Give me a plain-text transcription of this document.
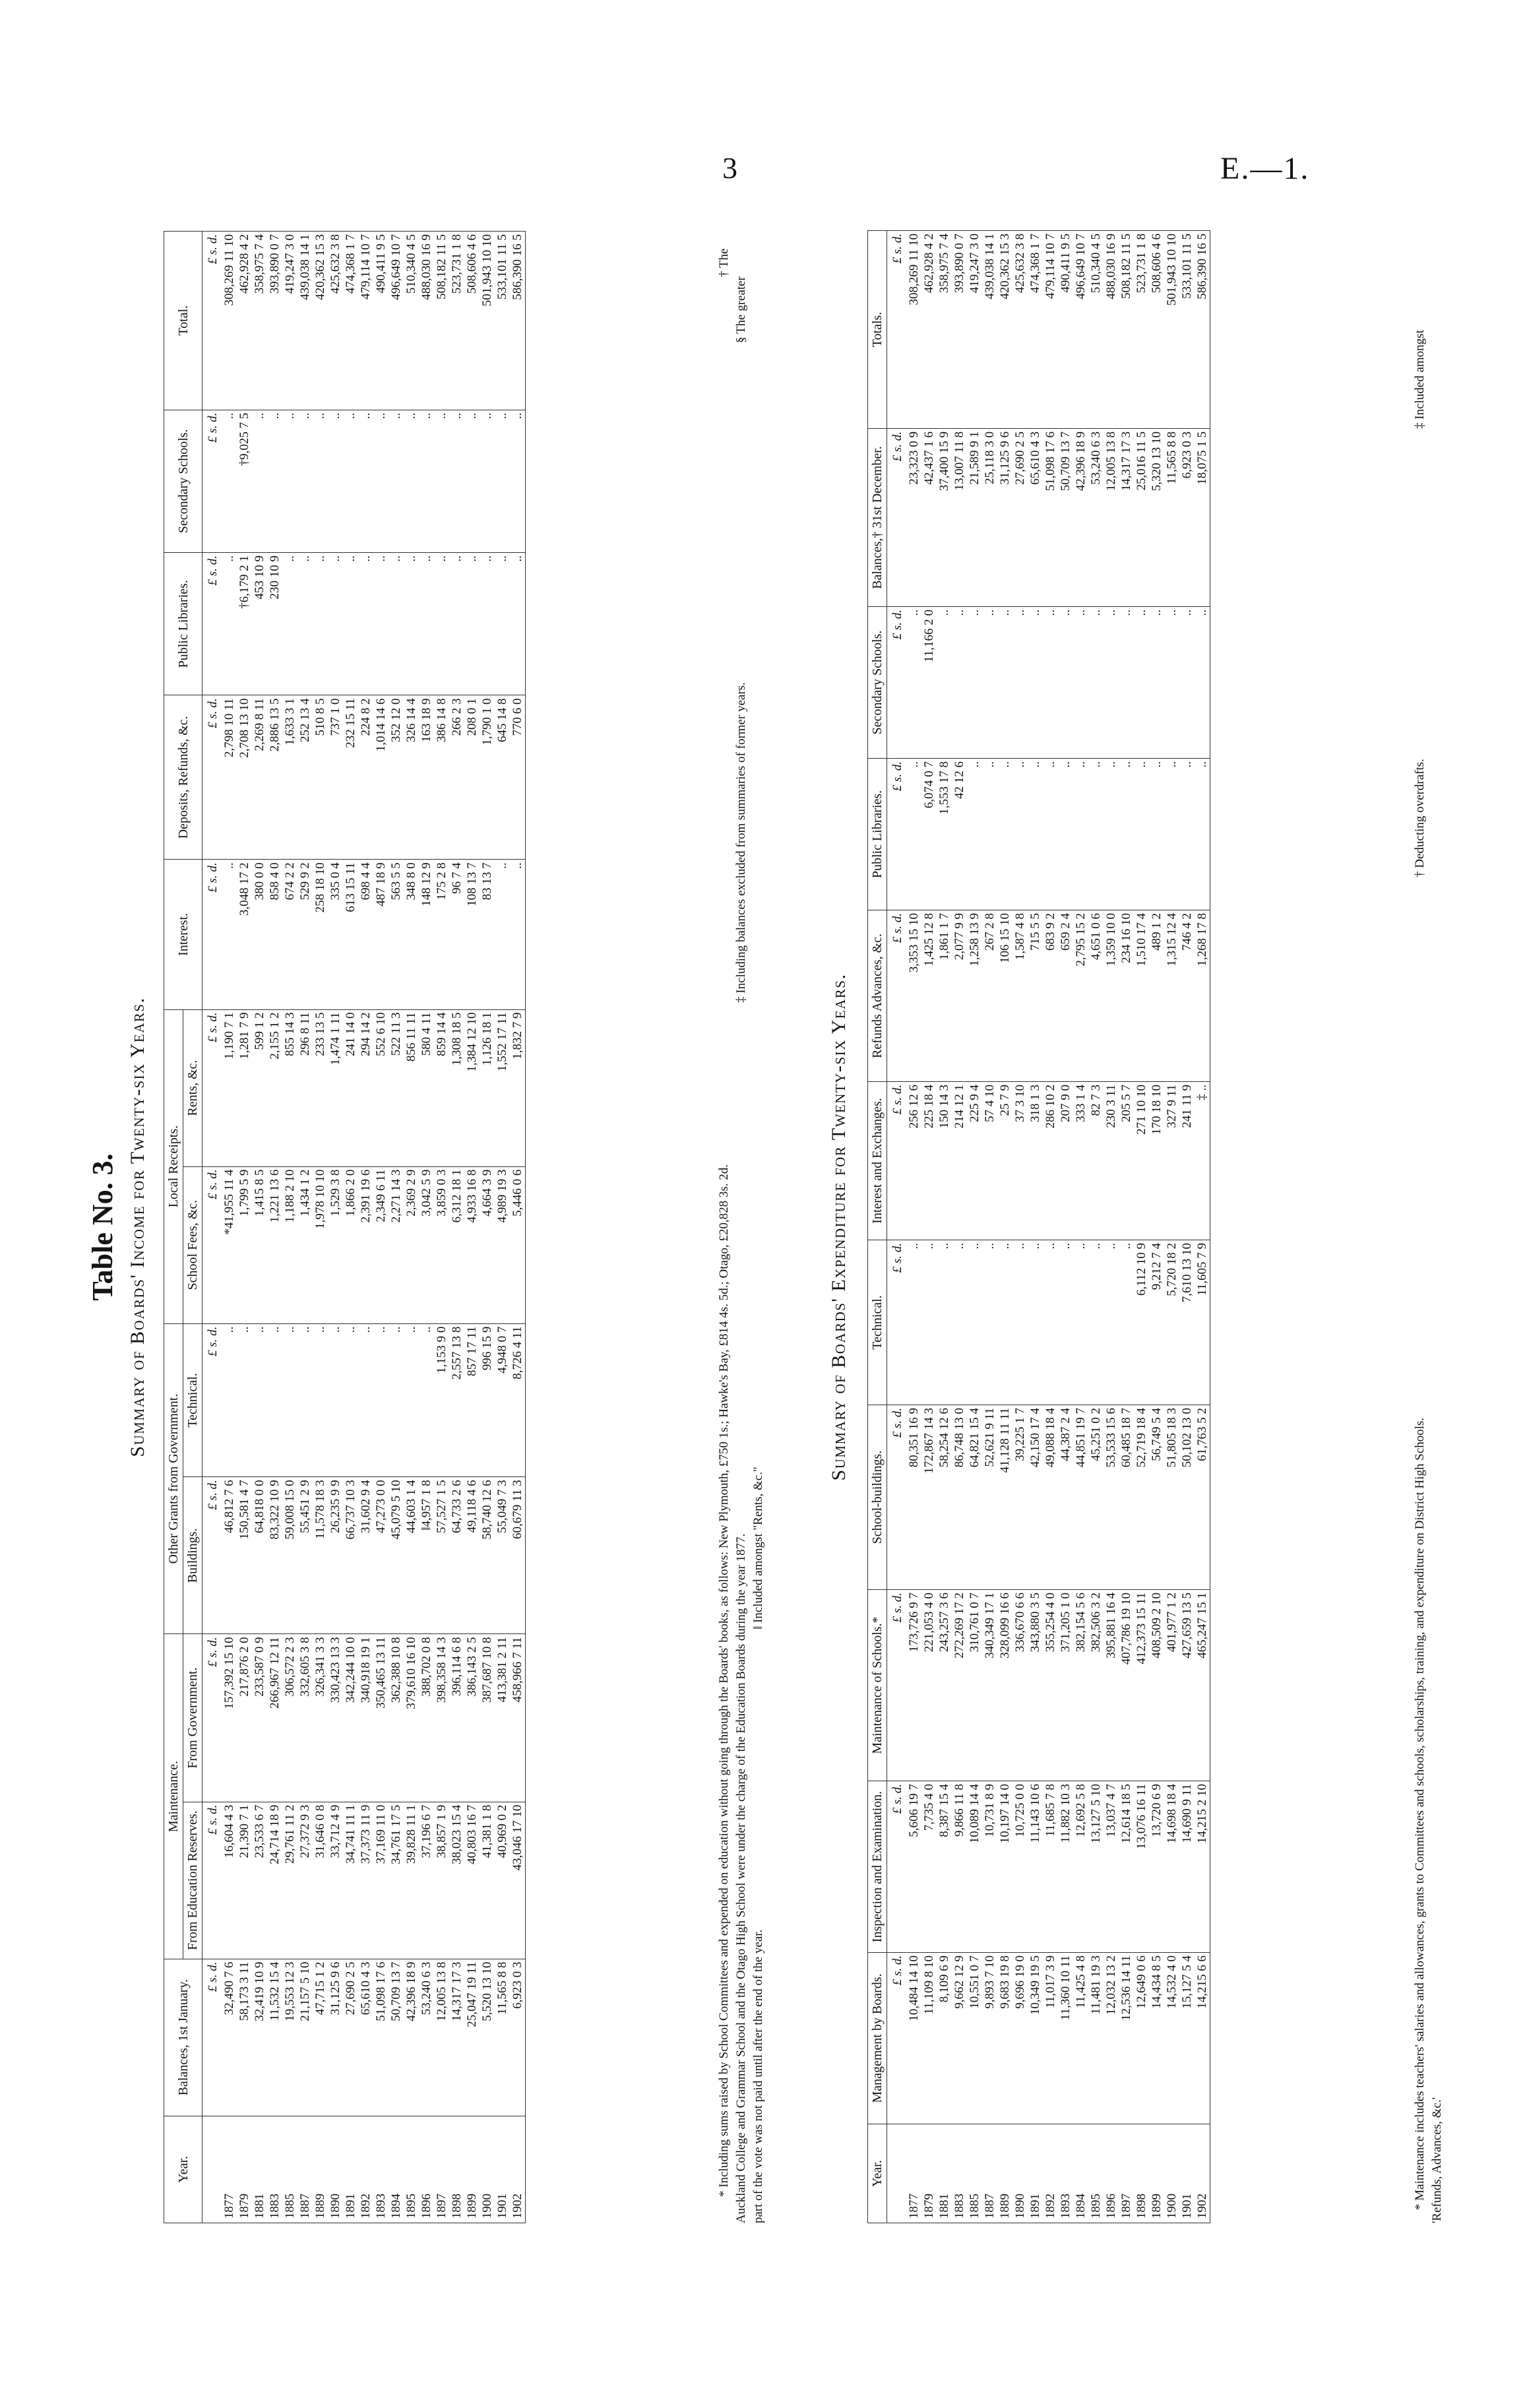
3	E.—1.
Table No. 3. Summary of Boards' Income for Twenty-six Years.
Year.	Balances, 1st January.	Maintenance.		Other Grants from Government.		Local Receipts.		Interest.	Deposits, Refunds, &c.	Public Libraries.	Secondary Schools.	Total.
		From Education Reserves.	From Government.	Buildings.	Technical.	School Fees, &c.	Rents, &c.					
	£ s. d.	£ s. d.	£ s. d.	£ s. d.	£ s. d.	£ s. d.	£ s. d.	£ s. d.	£ s. d.	£ s. d.	£ s. d.	£ s. d.
1877	32,490 7 6	16,604 4 3	157,392 15 10	46,812 7 6	..	*41,955 11 4	1,190 7 1	..	2,798 10 11	..	..	308,269 11 10
1879	58,173 3 11	21,390 7 1	217,876 2 0	150,581 4 7	..	1,799 5 9	1,281 7 9	3,048 17 2	2,708 13 10	†6,179 2 1	†9,025 7 5	462,928 4 2
1881	32,419 10 9	23,533 6 7	233,587 0 9	64,818 0 0	..	1,415 8 5	599 1 2	380 0 0	2,269 8 11	453 10 9	..	358,975 7 4
1883	11,532 15 4	24,714 18 9	266,967 12 11	83,322 10 9	..	1,221 13 6	2,155 1 2	858 4 0	2,886 13 5	230 10 9	..	393,890 0 7
1885	19,553 12 3	29,761 11 2	306,572 2 3	59,008 15 0	..	1,188 2 10	855 14 3	674 2 2	1,633 3 1	..	..	419,247 3 0
1887	21,157 5 10	27,372 9 3	332,605 3 8	55,451 2 9	..	1,434 1 2	296 8 11	529 9 2	252 13 4	..	..	439,038 14 1
1889	47,715 1 2	31,646 0 8	326,341 3 3	11,578 18 3	..	1,978 10 10	233 13 5	258 18 10	510 8 5	..	..	420,362 15 3
1890	31,125 9 6	33,712 4 9	330,423 13 3	26,235 9 9	..	1,529 3 8	1,474 1 11	335 0 4	737 1 0	..	..	425,632 3 8
1891	27,690 2 5	34,741 11 1	342,244 10 0	66,737 10 3	..	1,866 2 0	241 14 0	613 15 11	232 15 11	..	..	474,368 1 7
1892	65,610 4 3	37,373 11 9	340,918 19 1	31,602 9 4	..	2,391 19 6	294 14 2	698 4 4	224 8 2	..	..	479,114 10 7
1893	51,098 17 6	37,169 11 0	350,465 13 11	47,273 0 0	..	2,349 6 11	552 6 10	487 18 9	1,014 14 6	..	..	490,411 9 5
1894	50,709 13 7	34,761 17 5	362,388 10 8	45,079 5 10	..	2,271 14 3	522 11 3	563 5 5	352 12 0	..	..	496,649 10 7
1895	42,396 18 9	39,828 11 1	379,610 16 10	44,603 1 4	..	2,369 2 9	856 11 11	348 8 0	326 14 4	..	..	510,340 4 5
1896	53,240 6 3	37,196 6 7	388,702 0 8	‖4,957 1 8	..	3,042 5 9	580 4 11	148 12 9	163 18 9	..	..	488,030 16 9
1897	12,005 13 8	38,857 1 9	398,358 14 3	57,527 1 5	1,153 9 0	3,859 0 3	859 14 4	175 2 8	386 14 8	..	..	508,182 11 5
1898	14,317 17 3	38,023 15 4	396,114 6 8	64,733 2 6	2,557 13 8	6,312 18 1	1,308 18 5	96 7 4	266 2 3	..	..	523,731 1 8
1899	25,047 19 11	40,803 16 7	386,143 2 5	49,118 4 6	857 17 11	4,933 16 8	1,384 12 10	108 13 7	208 0 1	..	..	508,606 4 6
1900	5,520 13 10	41,381 1 8	387,687 10 8	58,740 12 6	996 15 9	4,664 3 9	1,126 18 1	83 13 7	1,790 1 0	..	..	501,943 10 10
1901	11,565 8 8	40,969 0 2	413,381 2 11	55,049 7 3	4,948 0 7	4,989 19 3	1,552 17 11	..	645 14 8	..	..	533,101 11 5
1902	6,923 0 3	43,046 17 10	458,966 7 11	60,679 11 3	8,726 4 11	5,446 0 6	1,832 7 9	..	770 6 0	..	..	586,390 16 5
* Including sums raised by School Committees and expended on education without going through the Boards' books, as follows: New Plymouth, £750 1s.; Hawke's Bay, £814 4s. 5d.; Otago, £20,828 3s. 2d.
† The
Auckland College and Grammar School and the Otago High School were under the charge of the Education Boards during the year 1877.
‡ Including balances excluded from summaries of former years.
§ The greater
part of the vote was not paid until after the end of the year.
‖ Included amongst "Rents, &c."
Summary of Boards' Expenditure for Twenty-six Years.
Year.	Management by Boards.	Inspection and Examination.	Maintenance of Schools.*	School-buildings.	Technical.	Interest and Exchanges.	Refunds Advances, &c.	Public Libraries.	Secondary Schools.	Balances,† 31st December.	Totals.
	£ s. d.	£ s. d.	£ s. d.	£ s. d.	£ s. d.	£ s. d.	£ s. d.	£ s. d.	£ s. d.	£ s. d.	£ s. d.
1877	10,484 14 10	5,606 19 7	173,726 9 7	80,351 16 9	..	256 12 6	3,353 15 10	..	..	23,323 0 9	308,269 11 10
1879	11,109 8 10	7,735 4 0	221,053 4 0	172,867 14 3	..	225 18 4	1,425 12 8	6,074 0 7	11,166 2 0	42,437 1 6	462,928 4 2
1881	8,109 6 9	8,387 15 4	243,257 3 6	58,254 12 6	..	150 14 3	1,861 1 7	1,553 17 8	..	37,400 15 9	358,975 7 4
1883	9,662 12 9	9,866 11 8	272,269 17 2	86,748 13 0	..	214 12 1	2,077 9 9	42 12 6	..	13,007 11 8	393,890 0 7
1885	10,551 0 7	10,089 14 4	310,761 0 7	64,821 15 4	..	225 9 4	1,258 13 9	..	..	21,589 9 1	419,247 3 0
1887	9,893 7 10	10,731 8 9	340,349 17 1	52,621 9 11	..	57 4 10	267 2 8	..	..	25,118 3 0	439,038 14 1
1889	9,683 19 8	10,197 14 0	328,099 16 6	41,128 11 11	..	25 7 9	106 15 10	..	..	31,125 9 6	420,362 15 3
1890	9,696 19 0	10,725 0 0	336,670 6 6	39,225 1 7	..	37 3 10	1,587 4 8	..	..	27,690 2 5	425,632 3 8
1891	10,349 19 5	11,143 10 6	343,880 3 5	42,150 17 4	..	318 1 3	715 5 5	..	..	65,610 4 3	474,368 1 7
1892	11,017 3 9	11,685 7 8	355,254 4 0	49,088 18 4	..	286 10 2	683 9 2	..	..	51,098 17 6	479,114 10 7
1893	11,360 10 11	11,882 10 3	371,205 1 0	44,387 2 4	..	207 9 0	659 2 4	..	..	50,709 13 7	490,411 9 5
1894	11,425 4 8	12,692 5 8	382,154 5 6	44,851 19 7	..	333 1 4	2,795 15 2	..	..	42,396 18 9	496,649 10 7
1895	11,481 19 3	13,127 5 10	382,506 3 2	45,251 0 2	..	82 7 3	4,651 0 6	..	..	53,240 6 3	510,340 4 5
1896	12,032 13 2	13,037 4 7	395,881 16 4	53,533 15 6	..	230 3 11	1,359 10 0	..	..	12,005 13 8	488,030 16 9
1897	12,536 14 11	12,614 18 5	407,786 19 10	60,485 18 7	..	205 5 7	234 16 10	..	..	14,317 17 3	508,182 11 5
1898	12,649 0 6	13,076 16 11	412,373 15 11	52,719 18 4	6,112 10 9	271 10 10	1,510 17 4	..	..	25,016 11 5	523,731 1 8
1899	14,434 8 5	13,720 6 9	408,509 2 10	56,749 5 4	9,212 7 4	170 18 10	489 1 2	..	..	5,320 13 10	508,606 4 6
1900	14,532 4 0	14,698 18 4	401,977 1 2	51,805 18 3	5,720 18 2	327 9 11	1,315 12 4	..	..	11,565 8 8	501,943 10 10
1901	15,127 5 4	14,690 9 11	427,659 13 5	50,102 13 0	7,610 13 10	241 11 9	746 4 2	..	..	6,923 0 3	533,101 11 5
1902	14,215 6 6	14,215 2 10	465,247 15 1	61,763 5 2	11,605 7 9	‡ ..	1,268 17 8	..	..	18,075 1 5	586,390 16 5
* Maintenance includes teachers' salaries and allowances, grants to Committees and schools, scholarships, training, and expenditure on District High Schools.
† Deducting overdrafts.
‡ Included amongst
'Refunds, Advances, &c.'
